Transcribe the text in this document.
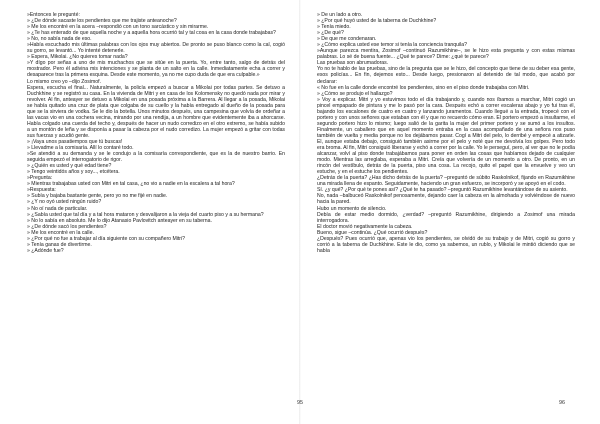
»Entonces le pregunté:

» ¿De dónde sacaste los pendientes que me trajiste anteanoche?

» Me los encontré en la acera −respondió con un tono sarcástico y sin mirarme.

» ¿Te has enterado de que aquella noche y a aquella hora ocurrió tal y tal cosa en la casa donde trabajabas?

» No, no sabía nada de eso.

»Había escuchado mis últimas palabras con los ojos muy abiertos. De pronto se puso blanco como la cal, cogió su gorro, se levantó... Yo intenté detenerle.

» Espera, Mikolai. ¿No quieres tomar nada?

»Y dígo por señas a uno de mis muchachos que se sitúe en la puerta. Yo, entre tanto, salgo de detrás del mostrador. Pero él adivina mis intenciones y se planta de un salto en la calle. Inmediatamente echa a correr y desaparece tras la primera esquina. Desde este momento, ya no me cupo duda de que era culpable.»

Lo mismo creo yo –dijo Zosimof.

Espera, escucha el final... Naturalmente, la policía empezó a buscar a Mikolai por todas partes. Se detuvo a Duchkhine y se registró su casa. En la vivienda de Mitri y en casa de los Kolomensky no quedó nada por mirar y revolver. Al fin, anteayer se detuvo a Mikolai en una posada próxima a la Barrera. Al llegar a la posada, Mikolai se había quitado una cruz de plata que colgaba de su cuello y la había entregado al dueño de la posada para que se la sirviera de vodka. Se le dio la botella. Unos minutos después, una campesina que volvía de ordeñar a las vacas vio en una cochera vecina, mirando por una rendija, a un hombre que evidentemente iba a ahorcarse. Había colgado una cuerda del techo y, después de hacer un nudo corredizo en el otro extremo, se había subido a un montón de leña y se disponía a pasar la cabeza por el nudo corredizo. La mujer empezó a gritar con todas sus fuerzas y acudió gente.

» ¡Vaya unos pasatiempos que tú buscas!

» Llevadme a la comisaría. Allí lo contaré todo.

»Se atendió a su demanda y se le condujo a la comisaría correspondiente, que es la de nuestro barrio. En seguida empezó el interrogatorio de rigor.

» ¿Quién es usted y qué edad tiene?

» Tengo veintidós años y soy..., etcétera.

»Pregunta:

» Mientras trabajabas usted con Mitri en tal casa, ¿no vio a nadie en la escalera a tal hora?

»Respuesta:

» Subía y bajaba bastante gente, pero yo no me fijé en nadie.

» ¿Y no oyó usted ningún ruido?

» No oí nada de particular.

» ¿Sabía usted que tal día y a tal hora mataron y desvalijaron a la vieja del cuarto piso y a su hermana?

» No lo sabía en absoluto. Me lo dijo Atanasio Pavlovitch anteayer en su taberna.

» ¿De dónde sacó los pendientes?

» Me los encontré en la calle.

» ¿Por qué no fue a trabajar al día siguiente con su compañero Mitri?

» Tenía ganas de divertirme.

» ¿Adónde fue?

95

» De un lado a otro.

» ¿Por qué huyó usted de la taberna de Duchkhine?

» Tenía miedo.

» ¿De qué?

» De que me condenaran.

» ¿Cómo explica usted ese temor si tenía la conciencia tranquila?

»Aunque parezca mentira, Zosimof –continuó Razumikhine–, se le hizo esta pregunta y con estas mismas palabras. Lo sé de buena fuente... ¿Qué te parece? Dime: ¿qué te parece?

Las pruebas son abrumadoras.

Yo no te hablo de las pruebas, sino de la pregunta que se le hizo, del concepto que tiene de su deber esa gente, esos policías... En fin, dejemos esto... Desde luego, presionaron al detenido de tal modo, que acabó por declarar:

« No fue en la calle donde encontré los pendientes, sino en el piso donde trabajaba con Mitri.

» ¿Cómo se produjo el hallazgo?

» Voy a explicar. Mitri y yo estuvimos todo el día trabajando y, cuando nos íbamos a marchar, Mitri cogió un pincel empapado de pintura y me lo pasó por la cara. Después echó a correr escaleras abajo y yo fui tras él, bajando los escalones de cuatro en cuatro y lanzando juramentos. Cuando llegué a la entrada, tropecé con el portero y con unos señores que estaban con él y que no recuerdo cómo eran. El portero empezó a insultarme, el segundo portero hizo lo mismo; luego salió de la garita la mujer del primer portero y se sumó a los insultos. Finalmente, un caballero que en aquel momento entraba en la casa acompañado de una señora nos puso también de vuelta y media porque no los dejábamos pasar. Cogí a Mitri del pelo, lo derribé y empecé a atizarle. El, aunque estaba debajo, consiguió también asirme por el pelo y noté que me devolvía los golpes. Pero todo era broma. Al fin, Mitri consiguió liberarse y echó a correr por la calle. Yo le perseguí, pero, al ver que no le podía alcanzar, volví al piso donde trabajábamos para poner en orden las cosas que habíamos dejado de cualquier modo. Mientras las arreglaba, esperaba a Mitri. Creía que volvería de un momento a otro. De pronto, en un rincón del vestíbulo, detrás de la puerta, piso una cosa. La recojo, quito el papel que la envuelve y veo un estuche, y en el estuche los pendientes.

¿Detrás de la puerta? ¿Has dicho detrás de la puerta? –preguntó de súbito Raskolnikof, fijando en Razumikhine una mirada llena de espanto. Seguidamente, haciendo un gran esfuerzo, se incorporó y se apoyó en el codo.

Sí. ¿y qué? ¿Por qué te pones así? ¿Qué te ha pasado? –preguntó Razumikhine levantándose de su asiento.

No, nada –balbuceó Raskolnikof penosamente, dejando caer la cabeza en la almohada y volviéndose de nuevo hacia la pared.

Hubo un momento de silencio.

Debía de estar medio dormido, ¿verdad? –preguntó Razumikhine, dirigiendo a Zosimof una mirada interrogadora.

El doctor movió negativamente la cabeza.

Bueno, sigue –continúa. ¿Qué ocurrió después?

¿Después? Pues ocurrió que, apenas vio los pendientes, se olvidó de su trabajo y de Mitri, cogió su gorro y corrió a la taberna de Duchkhine. Este le dio, como ya sabemos, un rublo, y Mikolai le mintió diciendo que se había

96
